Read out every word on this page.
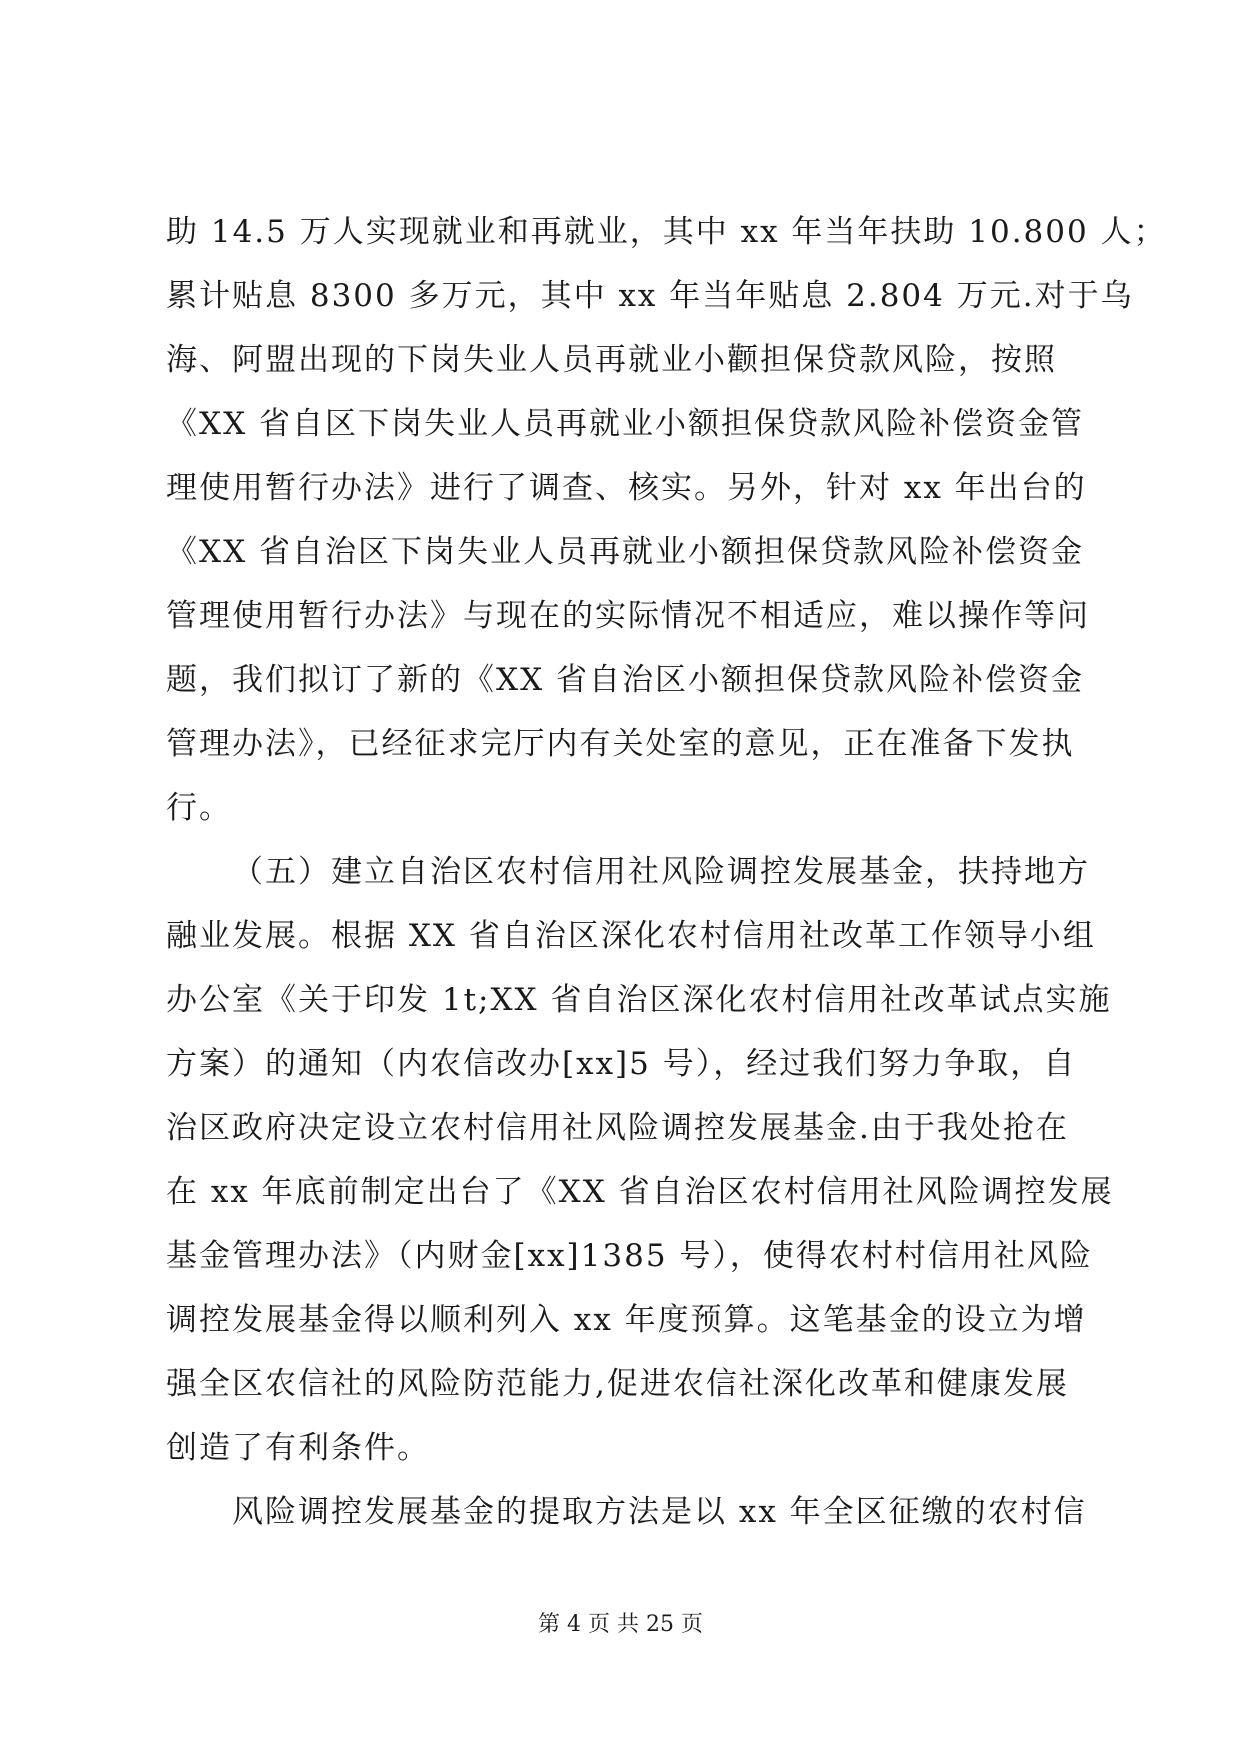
助 14.5 万人实现就业和再就业，其中 xx 年当年扶助 10.800 人；
累计贴息 8300 多万元，其中 xx 年当年贴息 2.804 万元.对于乌
海、阿盟出现的下岗失业人员再就业小颧担保贷款风险，按照
《XX 省自区下岗失业人员再就业小额担保贷款风险补偿资金管
理使用暂行办法》进行了调查、核实。另外，针对 xx 年出台的
《XX 省自治区下岗失业人员再就业小额担保贷款风险补偿资金
管理使用暂行办法》与现在的实际情况不相适应，难以操作等问
题，我们拟订了新的《XX 省自治区小额担保贷款风险补偿资金
管理办法》，已经征求完厅内有关处室的意见，正在准备下发执
行。
（五）建立自治区农村信用社风险调控发展基金，扶持地方
融业发展。根据 XX 省自治区深化农村信用社改革工作领导小组
办公室《关于印发 1t;XX 省自治区深化农村信用社改革试点实施
方案）的通知（内农信改办[xx]5 号），经过我们努力争取，自
治区政府决定设立农村信用社风险调控发展基金.由于我处抢在
在 xx 年底前制定出台了《XX 省自治区农村信用社风险调控发展
基金管理办法》（内财金[xx]1385 号），使得农村村信用社风险
调控发展基金得以顺利列入 xx 年度预算。这笔基金的设立为增
强全区农信社的风险防范能力,促进农信社深化改革和健康发展
创造了有利条件。
风险调控发展基金的提取方法是以 xx 年全区征缴的农村信
第 4 页 共 25 页
